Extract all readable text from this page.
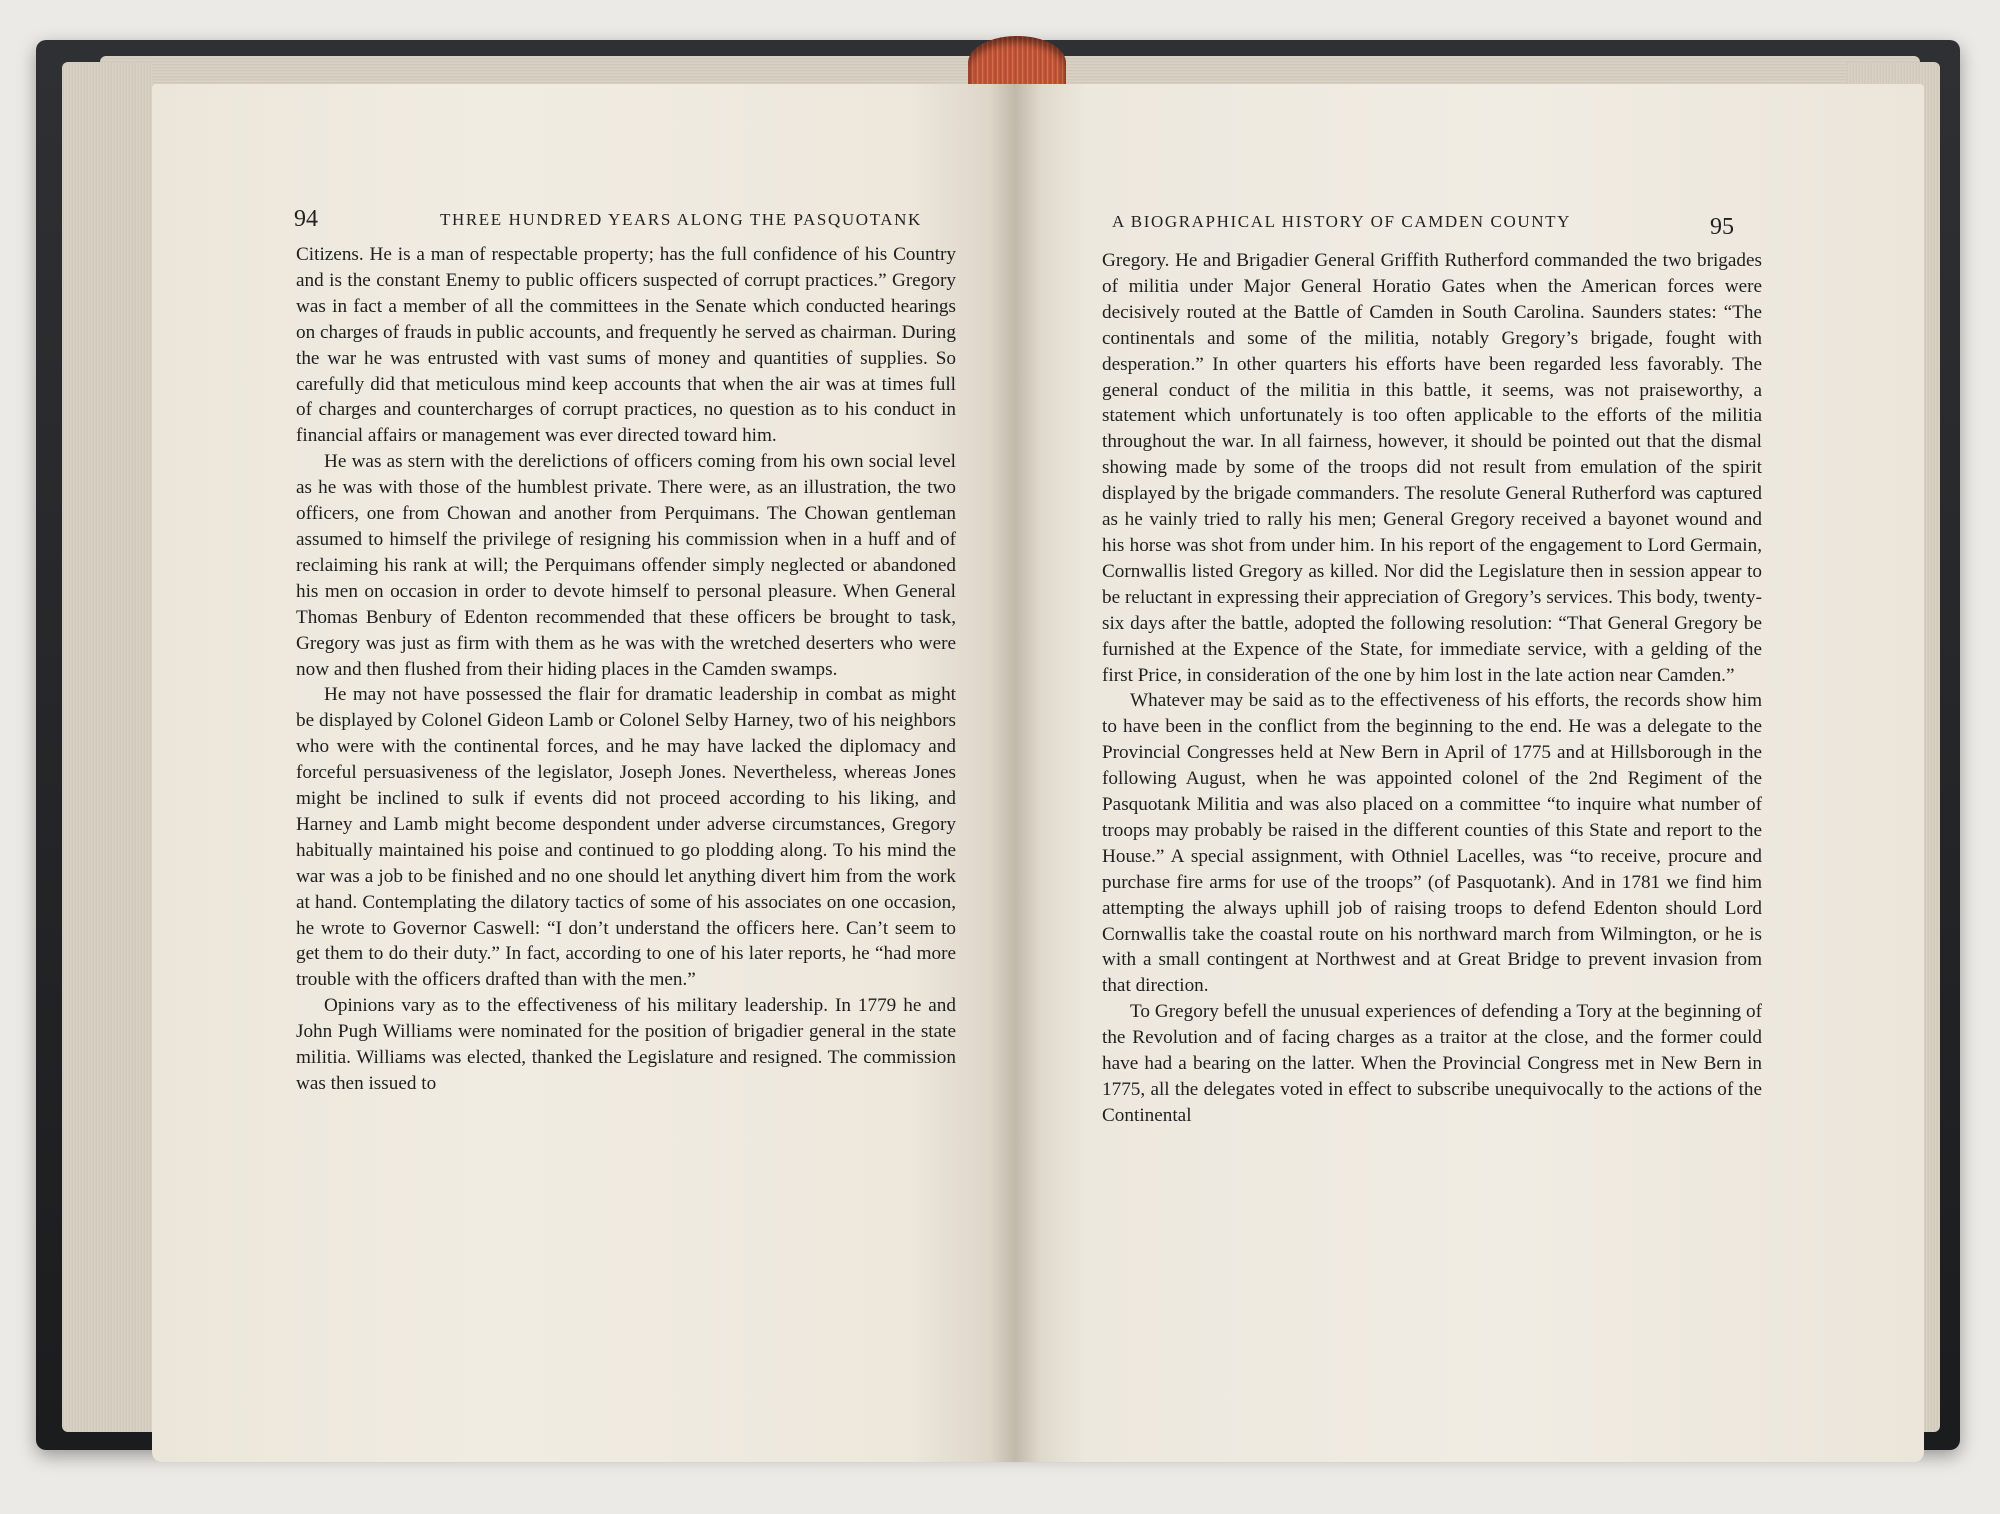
94	THREE HUNDRED YEARS ALONG THE PASQUOTANK

Citizens. He is a man of respectable property; has the full confidence of his Country and is the constant Enemy to public officers suspected of corrupt practices.” Gregory was in fact a member of all the committees in the Senate which conducted hearings on charges of frauds in public accounts, and frequently he served as chairman. During the war he was entrusted with vast sums of money and quantities of supplies. So carefully did that meticulous mind keep accounts that when the air was at times full of charges and countercharges of corrupt practices, no question as to his conduct in financial affairs or management was ever directed toward him.

He was as stern with the derelictions of officers coming from his own social level as he was with those of the humblest private. There were, as an illustration, the two officers, one from Chowan and another from Perquimans. The Chowan gentleman assumed to himself the privilege of resigning his commission when in a huff and of reclaiming his rank at will; the Perquimans offender simply neglected or abandoned his men on occasion in order to devote himself to personal pleasure. When General Thomas Benbury of Edenton recommended that these officers be brought to task, Gregory was just as firm with them as he was with the wretched deserters who were now and then flushed from their hiding places in the Camden swamps.

He may not have possessed the flair for dramatic leadership in combat as might be displayed by Colonel Gideon Lamb or Colonel Selby Harney, two of his neighbors who were with the continental forces, and he may have lacked the diplomacy and forceful persuasiveness of the legislator, Joseph Jones. Nevertheless, whereas Jones might be inclined to sulk if events did not proceed according to his liking, and Harney and Lamb might become despondent under adverse circumstances, Gregory habitually maintained his poise and continued to go plodding along. To his mind the war was a job to be finished and no one should let anything divert him from the work at hand. Contemplating the dilatory tactics of some of his associates on one occasion, he wrote to Governor Caswell: “I don’t understand the officers here. Can’t seem to get them to do their duty.” In fact, according to one of his later reports, he “had more trouble with the officers drafted than with the men.”

Opinions vary as to the effectiveness of his military leadership. In 1779 he and John Pugh Williams were nominated for the position of brigadier general in the state militia. Williams was elected, thanked the Legislature and resigned. The commission was then issued to

A BIOGRAPHICAL HISTORY OF CAMDEN COUNTY	95

Gregory. He and Brigadier General Griffith Rutherford commanded the two brigades of militia under Major General Horatio Gates when the American forces were decisively routed at the Battle of Camden in South Carolina. Saunders states: “The continentals and some of the militia, notably Gregory’s brigade, fought with desperation.” In other quarters his efforts have been regarded less favorably. The general conduct of the militia in this battle, it seems, was not praiseworthy, a statement which unfortunately is too often applicable to the efforts of the militia throughout the war. In all fairness, however, it should be pointed out that the dismal showing made by some of the troops did not result from emulation of the spirit displayed by the brigade commanders. The resolute General Rutherford was captured as he vainly tried to rally his men; General Gregory received a bayonet wound and his horse was shot from under him. In his report of the engagement to Lord Germain, Cornwallis listed Gregory as killed. Nor did the Legislature then in session appear to be reluctant in expressing their appreciation of Gregory’s services. This body, twenty-six days after the battle, adopted the following resolution: “That General Gregory be furnished at the Expence of the State, for immediate service, with a gelding of the first Price, in consideration of the one by him lost in the late action near Camden.”

Whatever may be said as to the effectiveness of his efforts, the records show him to have been in the conflict from the beginning to the end. He was a delegate to the Provincial Congresses held at New Bern in April of 1775 and at Hillsborough in the following August, when he was appointed colonel of the 2nd Regiment of the Pasquotank Militia and was also placed on a committee “to inquire what number of troops may probably be raised in the different counties of this State and report to the House.” A special assignment, with Othniel Lacelles, was “to receive, procure and purchase fire arms for use of the troops” (of Pasquotank). And in 1781 we find him attempting the always uphill job of raising troops to defend Edenton should Lord Cornwallis take the coastal route on his northward march from Wilmington, or he is with a small contingent at Northwest and at Great Bridge to prevent invasion from that direction.

To Gregory befell the unusual experiences of defending a Tory at the beginning of the Revolution and of facing charges as a traitor at the close, and the former could have had a bearing on the latter. When the Provincial Congress met in New Bern in 1775, all the delegates voted in effect to subscribe unequivocally to the actions of the Continental
